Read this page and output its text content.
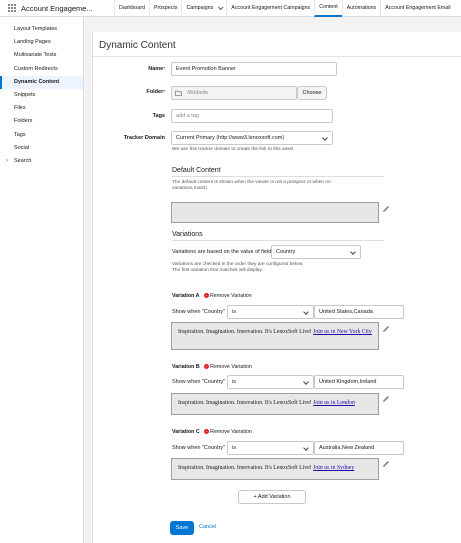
Account Engageme...	Dashboard Prospects Campaigns	Account Engagement Campaigns Content Automations Account Engagement Email
Layout Templates
Landing Pages
Multivariate Tests
Custom Redirects
Dynamic Content
Snippets
Files
Folders
Tags
Social
› Search
Dynamic Content
Name*	Event Promotion Banner
Folder*	/Website	Choose
Tags	add a tag
Tracker Domain Current Primary (http://www3.lenoxsoft.com)
We use this tracker domain to create the link to this asset
Default Content
The default content is shown when the viewer is not a prospect or when no
variations match.
Variations
Variations are based on the value of field Country
Variations are checked in the order they are configured below.
The first variation that matches will display.
Variation A − Remove Variation
Show when "Country" is	United States,Canada
Inspiration. Imagination. Innovation. It's LenoxSoft Live! Join us in New York City
Variation B − Remove Variation
Show when "Country" is	United Kingdom,Ireland
Inspiration. Imagination. Innovation. It's LenoxSoft Live! Join us in London
Variation C − Remove Variation
Show when "Country" is	Australia,New Zealand
Inspiration. Imagination. Innovation. It's LenoxSoft Live! Join us in Sydney
+ Add Variation
Save	Cancel
